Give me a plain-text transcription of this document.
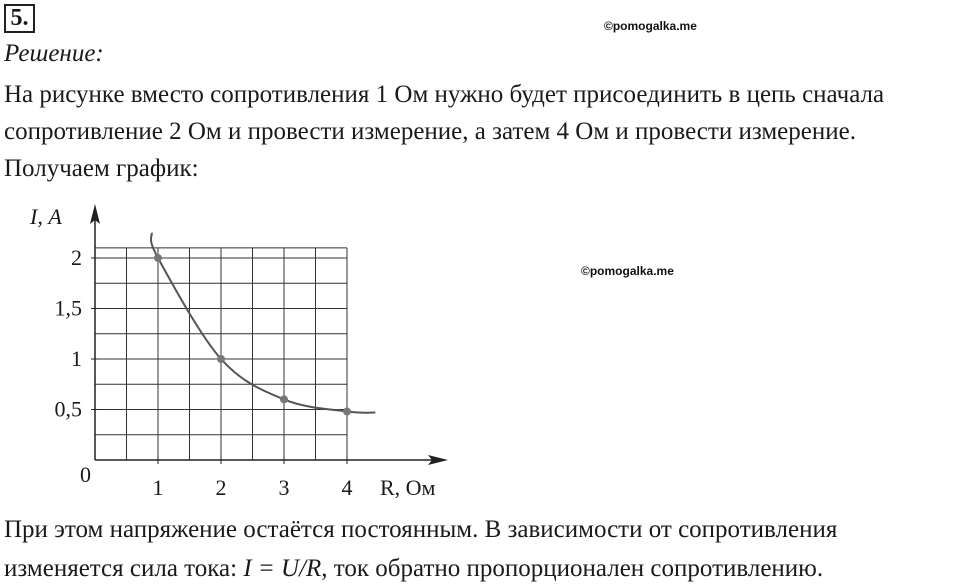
5.	©pomogalka.me
©pomogalka.me
Решение:
На рисунке вместо сопротивления 1 Ом нужно будет присоединить в цепь сначала
сопротивление 2 Ом и провести измерение, а затем 4 Ом и провести измерение.
Получаем график:
I, А
R, Ом
0
1 2 3 4
0,5
1
1,5
2
При этом напряжение остаётся постоянным. В зависимости от сопротивления
изменяется сила тока: I = U/R, ток обратно пропорционален сопротивлению.
